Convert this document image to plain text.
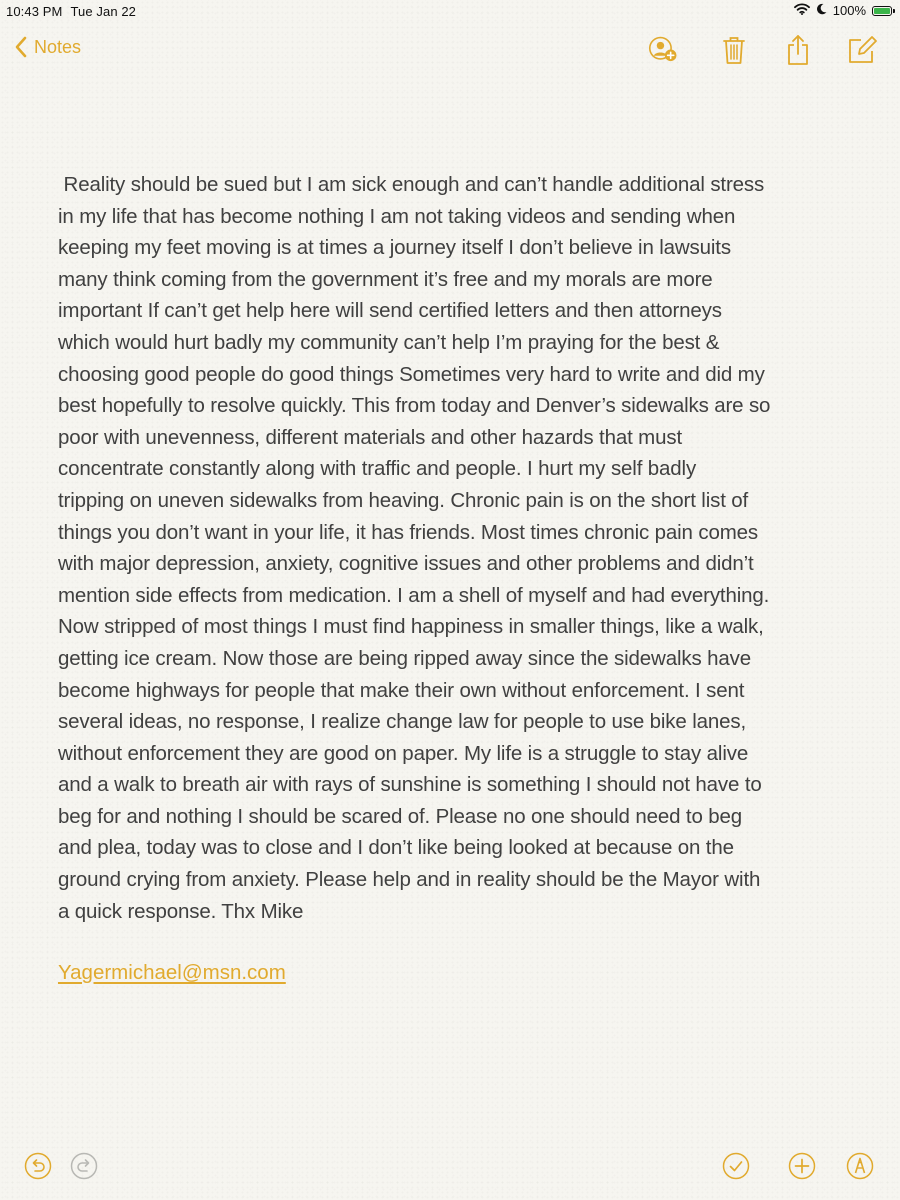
10:43 PM Tue Jan 22	100%
Notes
Reality should be sued but I am sick enough and can’t handle additional stress
in my life that has become nothing I am not taking videos and sending when
keeping my feet moving is at times a journey itself I don’t believe in lawsuits
many think coming from the government it’s free and my morals are more
important If can’t get help here will send certified letters and then attorneys
which would hurt badly my community can’t help I’m praying for the best &
choosing good people do good things Sometimes very hard to write and did my
best hopefully to resolve quickly. This from today and Denver’s sidewalks are so
poor with unevenness, different materials and other hazards that must
concentrate constantly along with traffic and people. I hurt my self badly
tripping on uneven sidewalks from heaving. Chronic pain is on the short list of
things you don’t want in your life, it has friends. Most times chronic pain comes
with major depression, anxiety, cognitive issues and other problems and didn’t
mention side effects from medication. I am a shell of myself and had everything.
Now stripped of most things I must find happiness in smaller things, like a walk,
getting ice cream. Now those are being ripped away since the sidewalks have
become highways for people that make their own without enforcement. I sent
several ideas, no response, I realize change law for people to use bike lanes,
without enforcement they are good on paper. My life is a struggle to stay alive
and a walk to breath air with rays of sunshine is something I should not have to
beg for and nothing I should be scared of. Please no one should need to beg
and plea, today was to close and I don’t like being looked at because on the
ground crying from anxiety. Please help and in reality should be the Mayor with
a quick response. Thx Mike
Yagermichael@msn.com
